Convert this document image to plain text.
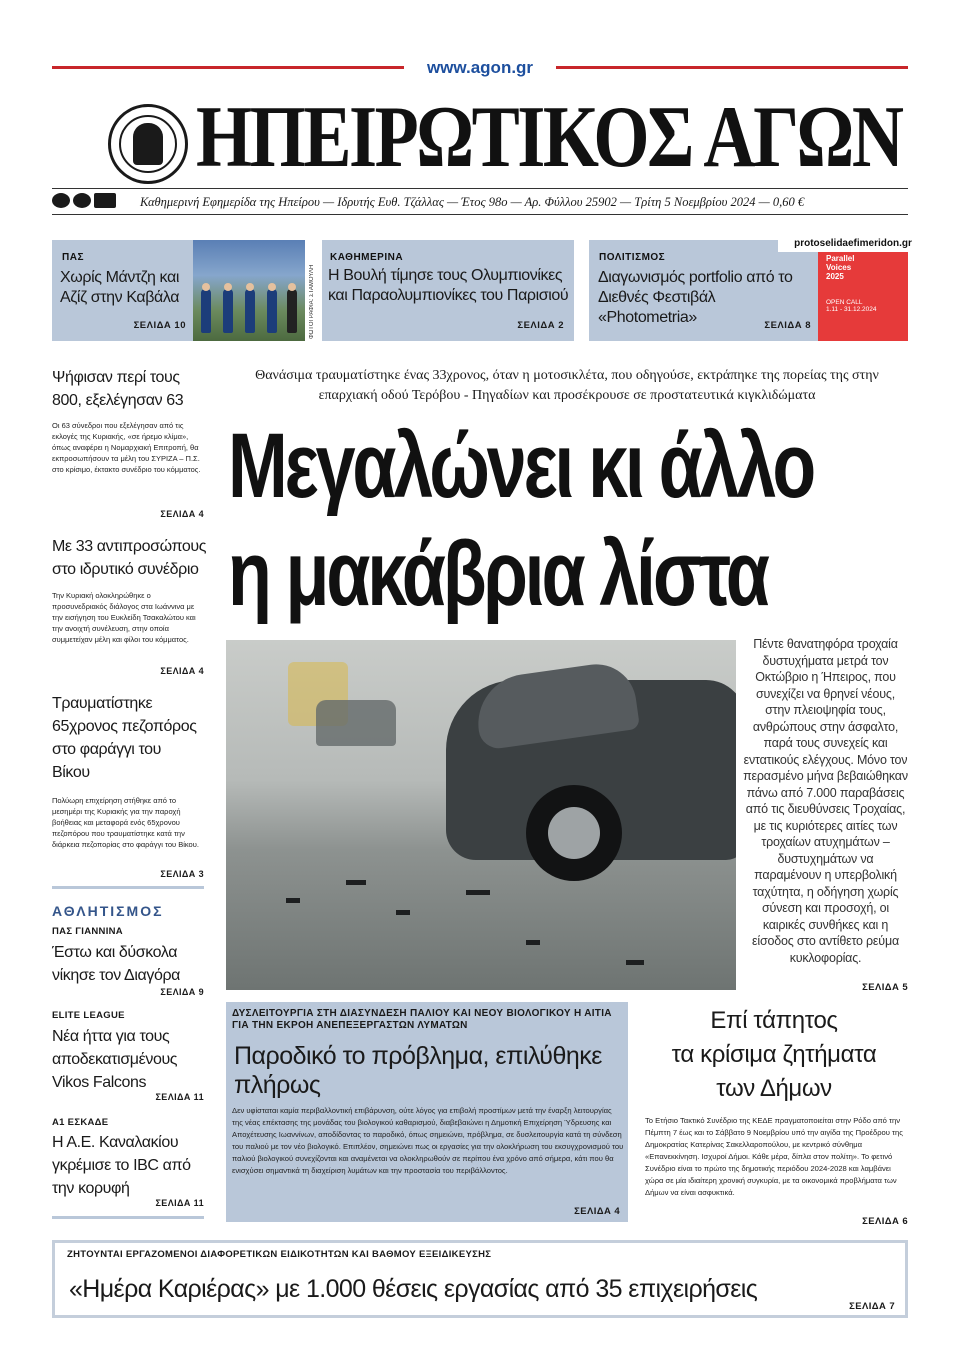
www.agon.gr
ΗΠΕΙΡΩΤΙΚΟΣ ΑΓΩΝ
Καθημερινή Εφημερίδα της Ηπείρου — Ιδρυτής Ευθ. Τζάλλας — Έτος 98ο — Αρ. Φύλλου 25902 — Τρίτη 5 Νοεμβρίου 2024 — 0,60 €
ΠΑΣ
Χωρίς Μάντζη και Αζίζ στην Καβάλα
ΣΕΛΙΔΑ 10	ΦΩΤΟΓΡΑΦΙΑ: ΣΤΑΜΟΥΛΗ
ΚΑΘΗΜΕΡΙΝΑ
Η Βουλή τίμησε τους Ολυμπιονίκες και Παραολυμπιονίκες του Παρισιού
ΣΕΛΙΔΑ 2
ΠΟΛΙΤΙΣΜΟΣ
Διαγωνισμός portfolio από το Διεθνές Φεστιβάλ «Photometria»	ΣΕΛΙΔΑ 8
Parallel
Voices
2025
OPEN CALL
1.11 - 31.12.2024
protoselidaefimeridon.gr
Ψήφισαν περί τους 800, εξελέγησαν 63
Οι 63 σύνεδροι που εξελέγησαν από τις εκλογές της Κυριακής, «σε ήρεμο κλίμα», όπως αναφέρει η Νομαρχιακή Επιτροπή, θα εκπροσωπήσουν τα μέλη του ΣΥΡΙΖΑ – Π.Σ. στο κρίσιμο, έκτακτο συνέδριο του κόμματος.
ΣΕΛΙΔΑ 4
Με 33 αντιπροσώπους στο ιδρυτικό συνέδριο
Την Κυριακή ολοκληρώθηκε ο προσυνεδριακός διάλογος στα Ιωάννινα με την εισήγηση του Ευκλείδη Τσακαλώτου και την ανοιχτή συνέλευση, στην οποία συμμετείχαν μέλη και φίλοι του κόμματος.
ΣΕΛΙΔΑ 4
Τραυματίστηκε 65χρονος πεζοπόρος στο φαράγγι του Βίκου
Πολύωρη επιχείρηση στήθηκε από το μεσημέρι της Κυριακής για την παροχή βοήθειας και μεταφορά ενός 65χρονου πεζοπόρου που τραυματίστηκε κατά την διάρκεια πεζοπορίας στο φαράγγι του Βίκου.
ΣΕΛΙΔΑ 3
ΑΘΛΗΤΙΣΜΟΣ
ΠΑΣ ΓΙΑΝΝΙΝΑ
Έστω και δύσκολα νίκησε τον Διαγόρα
ΣΕΛΙΔΑ 9
ELITE LEAGUE
Νέα ήττα για τους αποδεκατισμένους Vikos Falcons
ΣΕΛΙΔΑ 11
Α1 ΕΣΚΑΔΕ
Η Α.Ε. Καναλακίου γκρέμισε το IBC από την κορυφή
ΣΕΛΙΔΑ 11
Θανάσιμα τραυματίστηκε ένας 33χρονος, όταν η μοτοσικλέτα, που οδηγούσε, εκτράπηκε της πορείας της στην επαρχιακή οδού Τερόβου - Πηγαδίων και προσέκρουσε σε προστατευτικά κιγκλιδώματα
Μεγαλώνει κι άλλο
η μακάβρια λίστα
Πέντε θανατηφόρα τροχαία δυστυχήματα μετρά τον Οκτώβριο η Ήπειρος, που συνεχίζει να θρηνεί νέους, στην πλειοψηφία τους, ανθρώπους στην άσφαλτο, παρά τους συνεχείς και εντατικούς ελέγχους. Μόνο τον περασμένο μήνα βεβαιώθηκαν πάνω από 7.000 παραβάσεις από τις διευθύνσεις Τροχαίας, με τις κυριότερες αιτίες των τροχαίων ατυχημάτων – δυστυχημάτων να παραμένουν η υπερβολική ταχύτητα, η οδήγηση χωρίς σύνεση και προσοχή, οι καιρικές συνθήκες και η είσοδος στο αντίθετο ρεύμα κυκλοφορίας.
ΣΕΛΙΔΑ 5
ΔΥΣΛΕΙΤΟΥΡΓΙΑ ΣΤΗ ΔΙΑΣΥΝΔΕΣΗ ΠΑΛΙΟΥ ΚΑΙ ΝΕΟΥ ΒΙΟΛΟΓΙΚΟΥ Η ΑΙΤΙΑ ΓΙΑ ΤΗΝ ΕΚΡΟΗ ΑΝΕΠΕΞΕΡΓΑΣΤΩΝ ΛΥΜΑΤΩΝ
Παροδικό το πρόβλημα, επιλύθηκε πλήρως
Δεν υφίσταται καμία περιβαλλοντική επιβάρυνση, ούτε λόγος για επιβολή προστίμων μετά την έναρξη λειτουργίας της νέας επέκτασης της μονάδας του βιολογικού καθαρισμού, διαβεβαιώνει η Δημοτική Επιχείρηση Ύδρευσης και Αποχέτευσης Ιωαννίνων, αποδίδοντας το παροδικό, όπως σημειώνει, πρόβλημα, σε δυσλειτουργία κατά τη σύνδεση του παλιού με τον νέο βιολογικό. Επιπλέον, σημειώνει πως οι εργασίες για την ολοκλήρωση του εκσυγχρονισμού του παλιού βιολογικού συνεχίζονται και αναμένεται να ολοκληρωθούν σε περίπου ένα χρόνο από σήμερα, κάτι που θα ενισχύσει σημαντικά τη διαχείριση λυμάτων και την προστασία του περιβάλλοντος.
ΣΕΛΙΔΑ 4
Επί τάπητος
τα κρίσιμα ζητήματα
των Δήμων
Το Ετήσιο Τακτικό Συνέδριο της ΚΕΔΕ πραγματοποιείται στην Ρόδο από την Πέμπτη 7 έως και το Σάββατο 9 Νοεμβρίου υπό την αιγίδα της Προέδρου της Δημοκρατίας Κατερίνας Σακελλαροπούλου, με κεντρικό σύνθημα «Επανεκκίνηση. Ισχυροί Δήμοι. Κάθε μέρα, δίπλα στον πολίτη». Το φετινό Συνέδριο είναι το πρώτο της δημοτικής περιόδου 2024-2028 και λαμβάνει χώρα σε μία ιδιαίτερη χρονική συγκυρία, με τα οικονομικά προβλήματα των Δήμων να είναι ασφυκτικά.
ΣΕΛΙΔΑ 6
ΖΗΤΟΥΝΤΑΙ ΕΡΓΑΖΟΜΕΝΟΙ ΔΙΑΦΟΡΕΤΙΚΩΝ ΕΙΔΙΚΟΤΗΤΩΝ ΚΑΙ ΒΑΘΜΟΥ ΕΞΕΙΔΙΚΕΥΣΗΣ
«Ημέρα Καριέρας» με 1.000 θέσεις εργασίας από 35 επιχειρήσεις
ΣΕΛΙΔΑ 7
